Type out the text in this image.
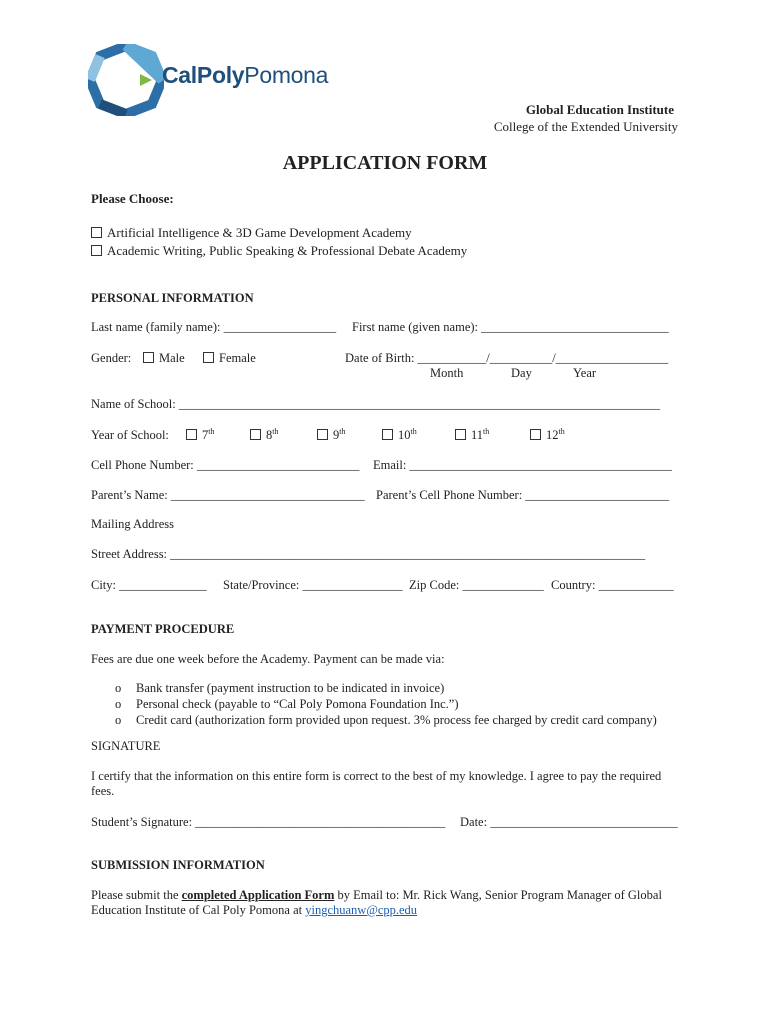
CalPolyPomona
Global Education Institute
College of the Extended University
APPLICATION FORM
Please Choose:
Artificial Intelligence & 3D Game Development Academy
Academic Writing, Public Speaking & Professional Debate Academy
PERSONAL INFORMATION
Last name (family name): __________________ First name (given name): ______________________________
Gender:	Male	Female	Date of Birth: ___________/__________/__________________
Month	Day	Year
Name of School: _____________________________________________________________________________
Year of School:	7th	8th	9th	10th	11th	12th
Cell Phone Number: __________________________ Email: __________________________________________
Parent’s Name: _______________________________ Parent’s Cell Phone Number: _______________________
Mailing Address
Street Address: ____________________________________________________________________________
City: ______________ State/Province: ________________ Zip Code: _____________ Country: ____________
PAYMENT PROCEDURE
Fees are due one week before the Academy. Payment can be made via:
o Bank transfer (payment instruction to be indicated in invoice)
o Personal check (payable to “Cal Poly Pomona Foundation Inc.”)
o Credit card (authorization form provided upon request. 3% process fee charged by credit card company)
SIGNATURE
I certify that the information on this entire form is correct to the best of my knowledge. I agree to pay the required
fees.
Student’s Signature: ________________________________________ Date: ______________________________
SUBMISSION INFORMATION
Please submit the completed Application Form by Email to: Mr. Rick Wang, Senior Program Manager of Global
Education Institute of Cal Poly Pomona at yingchuanw@cpp.edu
